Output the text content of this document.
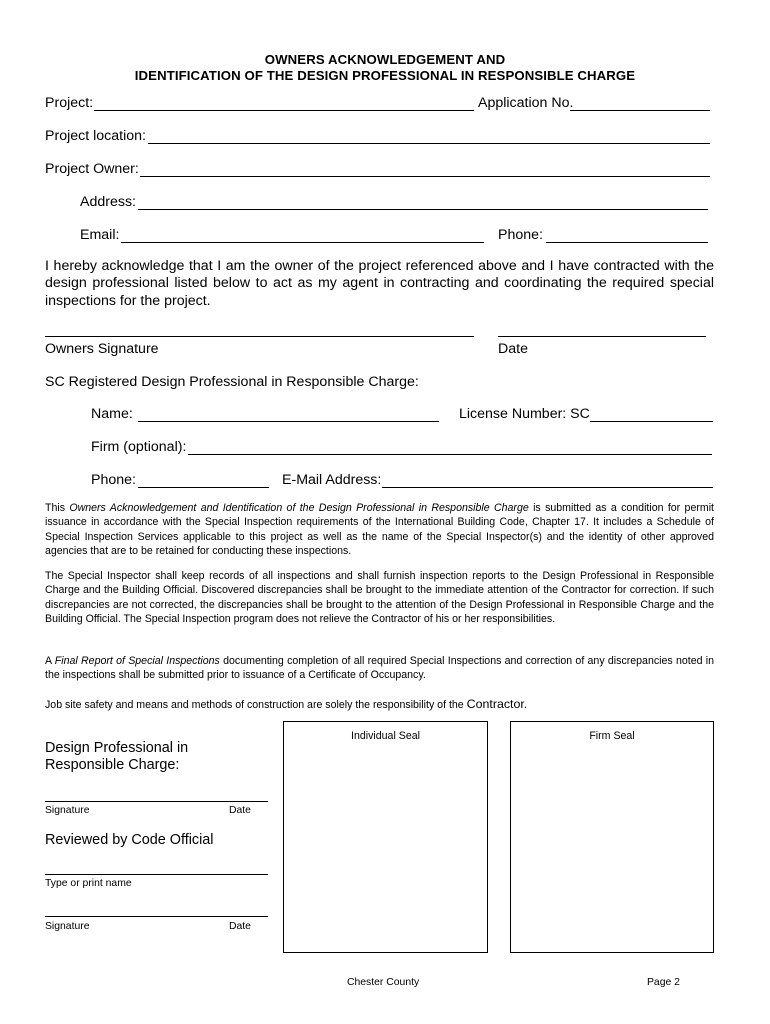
OWNERS ACKNOWLEDGEMENT AND
IDENTIFICATION OF THE DESIGN PROFESSIONAL IN RESPONSIBLE CHARGE
Project:	Application No.
Project location:
Project Owner:
Address:
Email:	Phone:
I hereby acknowledge that I am the owner of the project referenced above and I have contracted with the design professional listed below to act as my agent in contracting and coordinating the required special inspections for the project.
Owners Signature	Date
SC Registered Design Professional in Responsible Charge:
Name:	License Number: SC
Firm (optional):
Phone:	E-Mail Address:
This Owners Acknowledgement and Identification of the Design Professional in Responsible Charge is submitted as a condition for permit issuance in accordance with the Special Inspection requirements of the International Building Code, Chapter 17. It includes a Schedule of Special Inspection Services applicable to this project as well as the name of the Special Inspector(s) and the identity of other approved agencies that are to be retained for conducting these inspections.
The Special Inspector shall keep records of all inspections and shall furnish inspection reports to the Design Professional in Responsible Charge and the Building Official. Discovered discrepancies shall be brought to the immediate attention of the Contractor for correction. If such discrepancies are not corrected, the discrepancies shall be brought to the attention of the Design Professional in Responsible Charge and the Building Official. The Special Inspection program does not relieve the Contractor of his or her responsibilities.
A Final Report of Special Inspections documenting completion of all required Special Inspections and correction of any discrepancies noted in the inspections shall be submitted prior to issuance of a Certificate of Occupancy.
Job site safety and means and methods of construction are solely the responsibility of the Contractor.
Individual Seal	Firm Seal
Design Professional in
Responsible Charge:
Signature	Date
Reviewed by Code Official
Type or print name
Signature	Date
Chester County	Page 2
